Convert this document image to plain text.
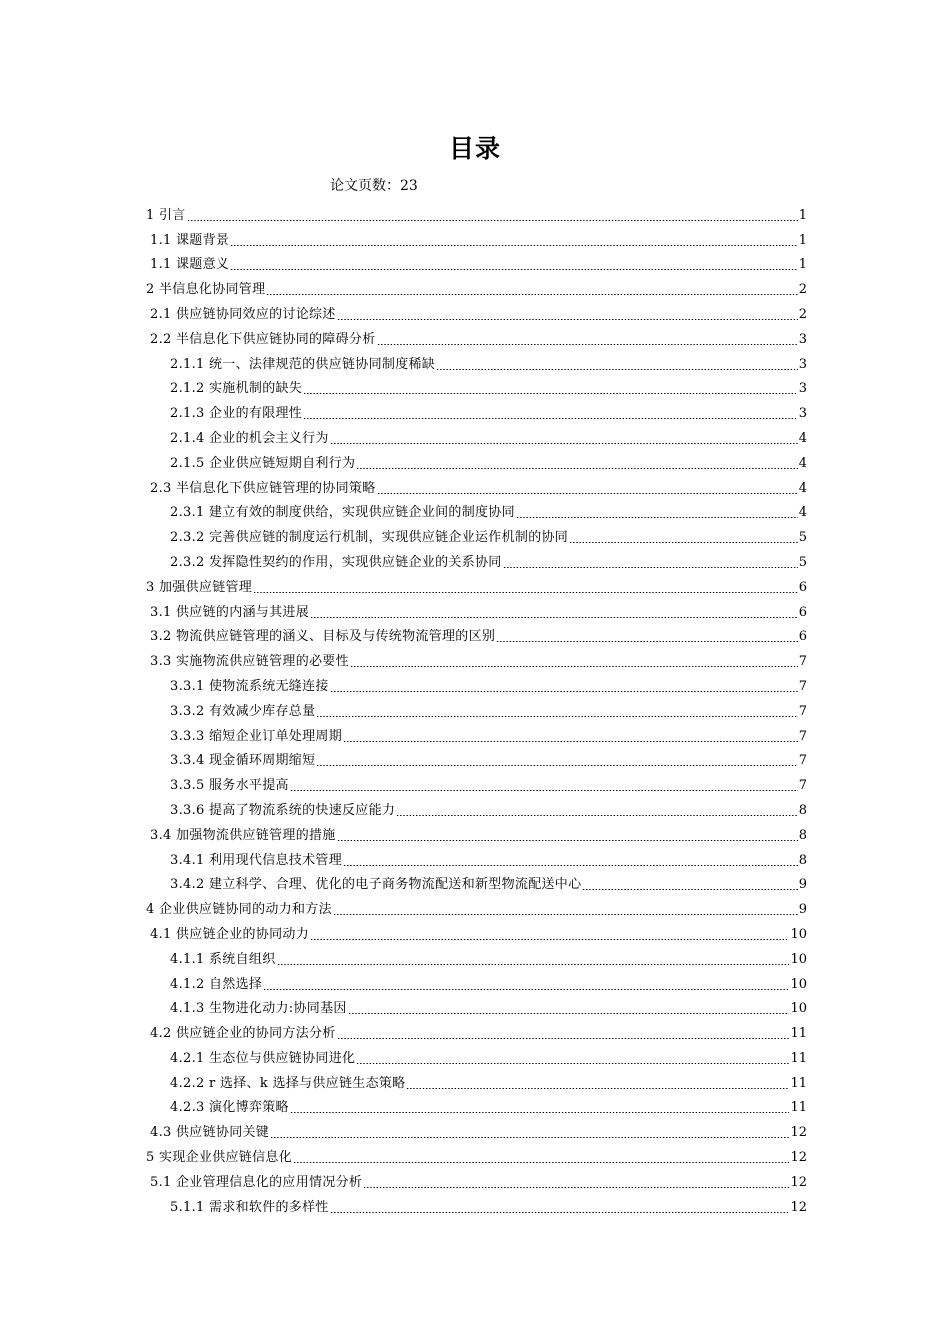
目录
论文页数：23
1 引言	1
1.1 课题背景	1
1.1 课题意义	1
2 半信息化协同管理	2
2.1 供应链协同效应的讨论综述	2
2.2 半信息化下供应链协同的障碍分析	3
2.1.1 统一、法律规范的供应链协同制度稀缺	3
2.1.2 实施机制的缺失	3
2.1.3 企业的有限理性	3
2.1.4 企业的机会主义行为	4
2.1.5 企业供应链短期自利行为	4
2.3 半信息化下供应链管理的协同策略	4
2.3.1 建立有效的制度供给，实现供应链企业间的制度协同	4
2.3.2 完善供应链的制度运行机制，实现供应链企业运作机制的协同	5
2.3.2 发挥隐性契约的作用，实现供应链企业的关系协同	5
3 加强供应链管理	6
3.1 供应链的内涵与其进展	6
3.2 物流供应链管理的涵义、目标及与传统物流管理的区别	6
3.3 实施物流供应链管理的必要性	7
3.3.1 使物流系统无缝连接	7
3.3.2 有效减少库存总量	7
3.3.3 缩短企业订单处理周期	7
3.3.4 现金循环周期缩短	7
3.3.5 服务水平提高	7
3.3.6 提高了物流系统的快速反应能力	8
3.4 加强物流供应链管理的措施	8
3.4.1 利用现代信息技术管理	8
3.4.2 建立科学、合理、优化的电子商务物流配送和新型物流配送中心	9
4 企业供应链协同的动力和方法	9
4.1 供应链企业的协同动力	10
4.1.1 系统自组织	10
4.1.2 自然选择	10
4.1.3 生物进化动力:协同基因	10
4.2 供应链企业的协同方法分析	11
4.2.1 生态位与供应链协同进化	11
4.2.2 r 选择、k 选择与供应链生态策略	11
4.2.3 演化博弈策略	11
4.3 供应链协同关键	12
5 实现企业供应链信息化	12
5.1 企业管理信息化的应用情况分析	12
5.1.1 需求和软件的多样性	12
